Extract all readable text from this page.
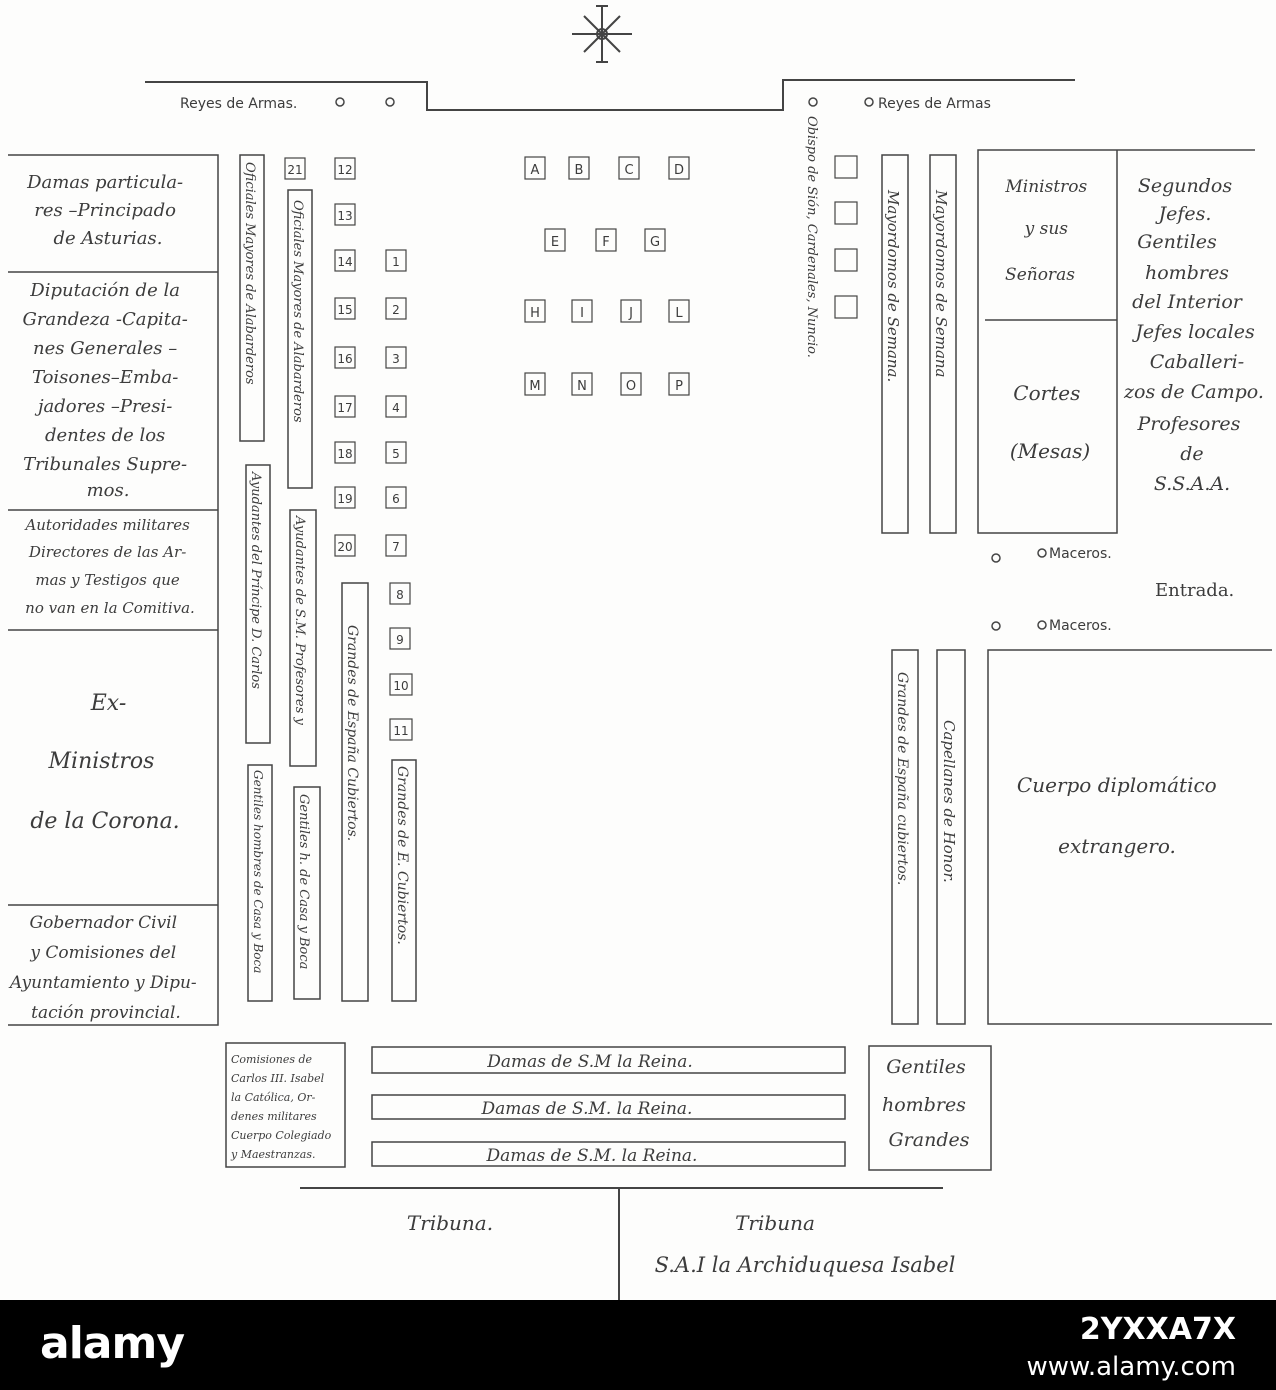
Reyes de Armas.	Reyes de Armas
Damas particula- res –Principado de Asturias.
Diputación de la Grandeza -Capita- nes Generales – Toisones–Emba- jadores –Presi- dentes de los Tribunales Supre- mos.
Autoridades militares Directores de las Ar- mas y Testigos que no van en la Comitiva.
Ex- Ministros de la Corona.
Gobernador Civil y Comisiones del Ayuntamiento y Dipu- tación provincial.
Oficiales Mayores de Alabarderos	Oficiales Mayores de Alabarderos
Ayudantes del Príncipe D. Carlos Ayudantes de S.M. Profesores y
Gentiles hombres de Casa y Boca Gentiles h. de Casa y Boca
Grandes de España Cubiertos.
Grandes de E. Cubiertos.
21	12
13
14
15
16
17
18
19
20
1
2
3
4
5
6
7
8
9
10
11
A	B	C	D
E	F	G
H	I	J	L
M	N	O	P
Obispo de Sión, Cardenales, Nuncio.	Mayordomos de Semana. Mayordomos de Semana
Grandes de España cubiertos. Capellanes de Honor.
Ministros y sus Señoras
Cortes (Mesas)
Segundos Jefes. Gentiles hombres del Interior Jefes locales Caballeri- zos de Campo. Profesores de S.S.A.A.
Maceros.
Maceros.
Entrada.
Cuerpo diplomático extrangero.
Comisiones de Carlos III. Isabel la Católica, Or- denes militares Cuerpo Colegiado y Maestranzas.
Damas de S.M la Reina.
Damas de S.M. la Reina.
Damas de S.M. la Reina.
Gentiles hombres Grandes
Tribuna.	Tribuna
S.A.I la Archiduquesa Isabel
alamy	2YXXA7X
www.alamy.com
